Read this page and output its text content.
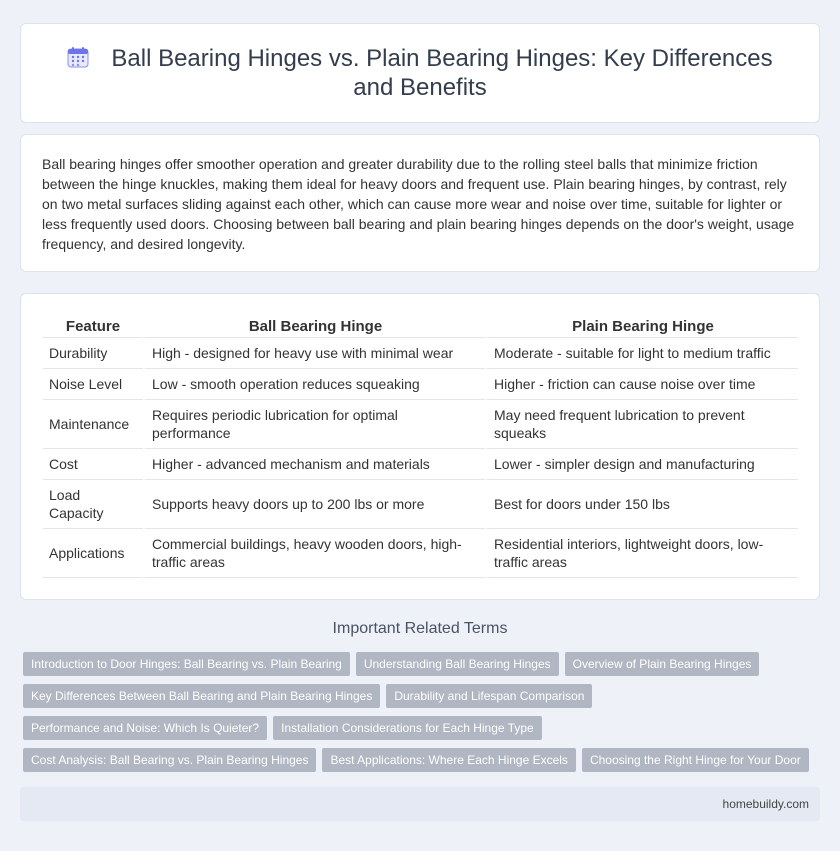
Ball Bearing Hinges vs. Plain Bearing Hinges: Key Differences and Benefits

Ball bearing hinges offer smoother operation and greater durability due to the rolling steel balls that minimize friction between the hinge knuckles, making them ideal for heavy doors and frequent use. Plain bearing hinges, by contrast, rely on two metal surfaces sliding against each other, which can cause more wear and noise over time, suitable for lighter or less frequently used doors. Choosing between ball bearing and plain bearing hinges depends on the door's weight, usage frequency, and desired longevity.

Feature	Ball Bearing Hinge	Plain Bearing Hinge
Durability	High - designed for heavy use with minimal wear	Moderate - suitable for light to medium traffic
Noise Level	Low - smooth operation reduces squeaking	Higher - friction can cause noise over time
Maintenance	Requires periodic lubrication for optimal performance	May need frequent lubrication to prevent squeaks
Cost	Higher - advanced mechanism and materials	Lower - simpler design and manufacturing
Load Capacity	Supports heavy doors up to 200 lbs or more	Best for doors under 150 lbs
Applications	Commercial buildings, heavy wooden doors, high-traffic areas	Residential interiors, lightweight doors, low-traffic areas
Important Related Terms
Introduction to Door Hinges: Ball Bearing vs. Plain Bearing Understanding Ball Bearing Hinges Overview of Plain Bearing Hinges
Key Differences Between Ball Bearing and Plain Bearing Hinges Durability and Lifespan Comparison
Performance and Noise: Which Is Quieter? Installation Considerations for Each Hinge Type
Cost Analysis: Ball Bearing vs. Plain Bearing Hinges Best Applications: Where Each Hinge Excels Choosing the Right Hinge for Your Door
homebuildy.com
